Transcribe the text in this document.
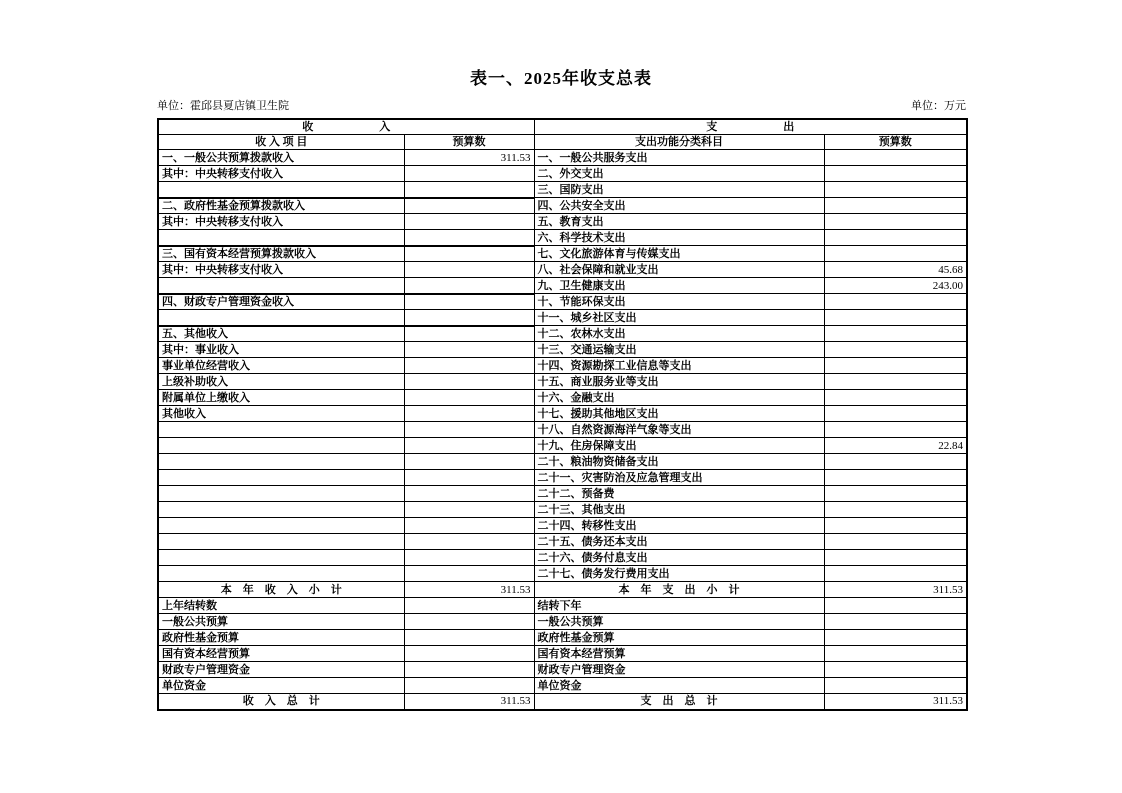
表一、2025年收支总表
单位：霍邱县夏店镇卫生院	单位：万元
收　　　　　　入		支　　　　　　出	
收 入 项 目	预算数	支出功能分类科目	预算数
一、一般公共预算拨款收入	311.53	一、一般公共服务支出	
其中：中央转移支付收入		二、外交支出	
		三、国防支出	
二、政府性基金预算拨款收入		四、公共安全支出	
其中：中央转移支付收入		五、教育支出	
		六、科学技术支出	
三、国有资本经营预算拨款收入		七、文化旅游体育与传媒支出	
其中：中央转移支付收入		八、社会保障和就业支出	45.68
		九、卫生健康支出	243.00
四、财政专户管理资金收入		十、节能环保支出	
		十一、城乡社区支出	
五、其他收入		十二、农林水支出	
其中：事业收入		十三、交通运输支出	
事业单位经营收入		十四、资源勘探工业信息等支出	
上级补助收入		十五、商业服务业等支出	
附属单位上缴收入		十六、金融支出	
其他收入		十七、援助其他地区支出	
		十八、自然资源海洋气象等支出	
		十九、住房保障支出	22.84
		二十、粮油物资储备支出	
		二十一、灾害防治及应急管理支出	
		二十二、预备费	
		二十三、其他支出	
		二十四、转移性支出	
		二十五、债务还本支出	
		二十六、债务付息支出	
		二十七、债务发行费用支出	
本　年　收　入　小　计	311.53	本　年　支　出　小　计	311.53
上年结转数		结转下年	
一般公共预算		一般公共预算	
政府性基金预算		政府性基金预算	
国有资本经营预算		国有资本经营预算	
财政专户管理资金		财政专户管理资金	
单位资金		单位资金	
收　入　总　计	311.53	支　出　总　计	311.53
